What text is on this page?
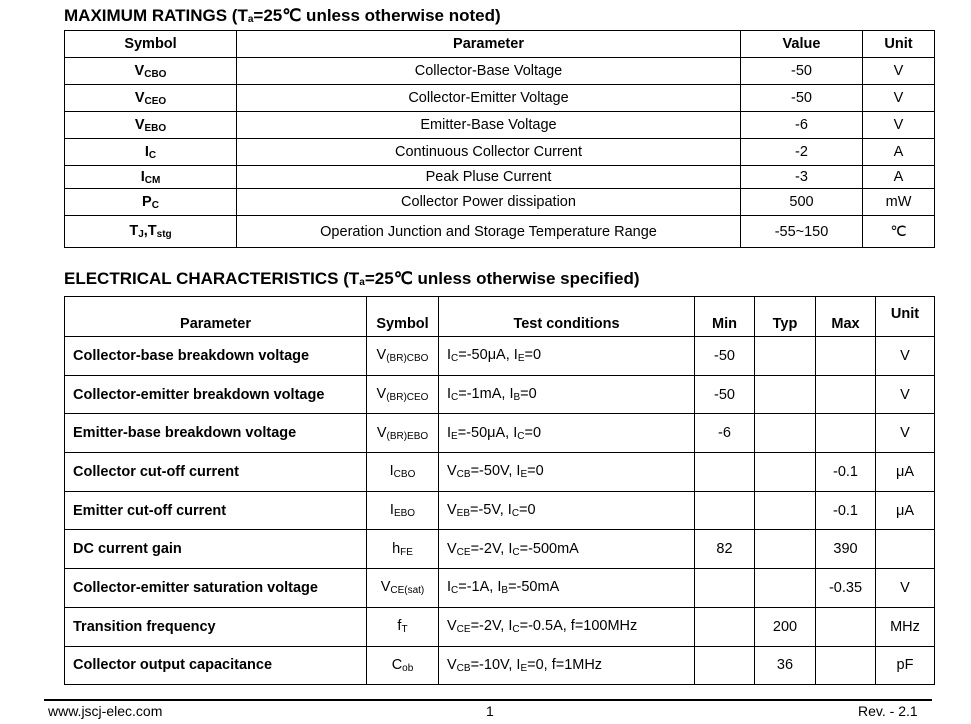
MAXIMUM RATINGS ($T_a=25℃$ unless otherwise noted)
Symbol	Parameter	Value	Unit
$V_{CBO}$	Collector-Base Voltage	-50	V
$V_{CEO}$	Collector-Emitter Voltage	-50	V
$V_{EBO}$	Emitter-Base Voltage	-6	V
$I_C$	Continuous Collector Current	-2	A
$I_{CM}$	Peak Pluse Current	-3	A
$P_C$	Collector Power dissipation	500	mW
$T_J,T_{stg}$	Operation Junction and Storage Temperature Range	-55~150	℃
ELECTRICAL CHARACTERISTICS ($T_a=25℃$ unless otherwise specified)
Parameter	Symbol	Test conditions	Min	Typ	Max	Unit
Collector-base breakdown voltage	$V_{(BR)CBO}$	$I_C=-50\mu A$, $I_E=0$	-50			V
Collector-emitter breakdown voltage	$V_{(BR)CEO}$	$I_C=-1mA$, $I_B=0$	-50			V
Emitter-base breakdown voltage	$V_{(BR)EBO}$	$I_E=-50\mu A$, $I_C=0$	-6			V
Collector cut-off current	$I_{CBO}$	$V_{CB}=-50V$, $I_E=0$			-0.1	μA
Emitter cut-off current	$I_{EBO}$	$V_{EB}=-5V$, $I_C=0$			-0.1	μA
DC current gain	$h_{FE}$	$V_{CE}=-2V$, $I_C=-500mA$	82		390	
Collector-emitter saturation voltage	$V_{CE(sat)}$	$I_C=-1A$, $I_B=-50mA$			-0.35	V
Transition frequency	$f_T$	$V_{CE}=-2V$, $I_C=-0.5A$, f=100MHz		200		MHz
Collector output capacitance	$C_{ob}$	$V_{CB}=-10V$, $I_E=0$, f=1MHz		36		pF
www.jscj-elec.com	1	Rev. - 2.1
